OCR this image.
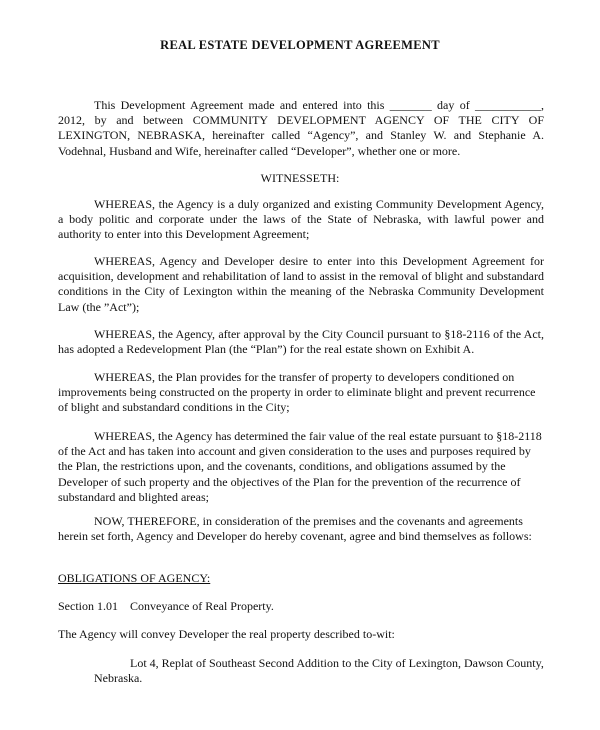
REAL ESTATE DEVELOPMENT AGREEMENT
This Development Agreement made and entered into this _______ day of ___________, 2012, by and between COMMUNITY DEVELOPMENT AGENCY OF THE CITY OF LEXINGTON, NEBRASKA, hereinafter called “Agency”, and Stanley W. and Stephanie A. Vodehnal, Husband and Wife, hereinafter called “Developer”, whether one or more.
WITNESSETH:
WHEREAS, the Agency is a duly organized and existing Community Development Agency, a body politic and corporate under the laws of the State of Nebraska, with lawful power and authority to enter into this Development Agreement;
WHEREAS, Agency and Developer desire to enter into this Development Agreement for acquisition, development and rehabilitation of land to assist in the removal of blight and substandard conditions in the City of Lexington within the meaning of the Nebraska Community Development Law (the ”Act”);
WHEREAS, the Agency, after approval by the City Council pursuant to §18-2116 of the Act, has adopted a Redevelopment Plan (the “Plan”) for the real estate shown on Exhibit A.
WHEREAS, the Plan provides for the transfer of property to developers conditioned on improvements being constructed on the property in order to eliminate blight and prevent recurrence of blight and substandard conditions in the City;
WHEREAS, the Agency has determined the fair value of the real estate pursuant to §18-2118 of the Act and has taken into account and given consideration to the uses and purposes required by the Plan, the restrictions upon, and the covenants, conditions, and obligations assumed by the Developer of such property and the objectives of the Plan for the prevention of the recurrence of substandard and blighted areas;
NOW, THEREFORE, in consideration of the premises and the covenants and agreements herein set forth, Agency and Developer do hereby covenant, agree and bind themselves as follows:
OBLIGATIONS OF AGENCY:
Section 1.01 Conveyance of Real Property.
The Agency will convey Developer the real property described to-wit:
Lot 4, Replat of Southeast Second Addition to the City of Lexington, Dawson County, Nebraska.
